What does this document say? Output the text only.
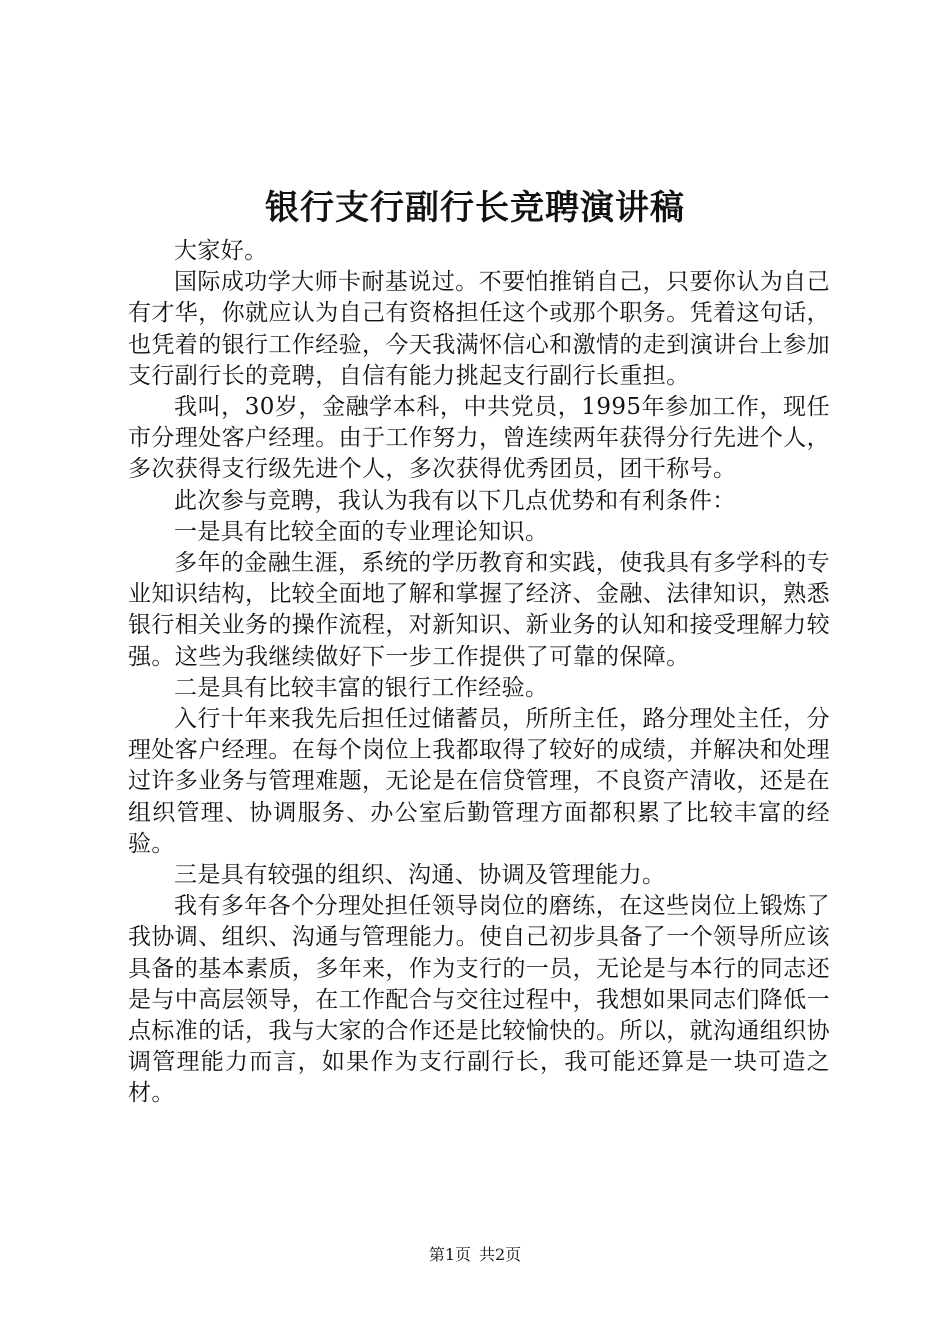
银行支行副行长竞聘演讲稿

大家好。

国际成功学大师卡耐基说过。不要怕推销自己，只要你认为自己有才华，你就应认为自己有资格担任这个或那个职务。凭着这句话，也凭着的银行工作经验，今天我满怀信心和激情的走到演讲台上参加支行副行长的竞聘，自信有能力挑起支行副行长重担。

我叫，30岁，金融学本科，中共党员，1995年参加工作，现任市分理处客户经理。由于工作努力，曾连续两年获得分行先进个人，多次获得支行级先进个人，多次获得优秀团员，团干称号。

此次参与竞聘，我认为我有以下几点优势和有利条件：

一是具有比较全面的专业理论知识。

多年的金融生涯，系统的学历教育和实践，使我具有多学科的专业知识结构，比较全面地了解和掌握了经济、金融、法律知识，熟悉银行相关业务的操作流程，对新知识、新业务的认知和接受理解力较强。这些为我继续做好下一步工作提供了可靠的保障。

二是具有比较丰富的银行工作经验。

入行十年来我先后担任过储蓄员，所所主任，路分理处主任，分理处客户经理。在每个岗位上我都取得了较好的成绩，并解决和处理过许多业务与管理难题，无论是在信贷管理，不良资产清收，还是在组织管理、协调服务、办公室后勤管理方面都积累了比较丰富的经验。

三是具有较强的组织、沟通、协调及管理能力。

我有多年各个分理处担任领导岗位的磨练，在这些岗位上锻炼了我协调、组织、沟通与管理能力。使自己初步具备了一个领导所应该具备的基本素质，多年来，作为支行的一员，无论是与本行的同志还是与中高层领导，在工作配合与交往过程中，我想如果同志们降低一点标准的话，我与大家的合作还是比较愉快的。所以，就沟通组织协调管理能力而言，如果作为支行副行长，我可能还算是一块可造之材。

第1页 共2页
